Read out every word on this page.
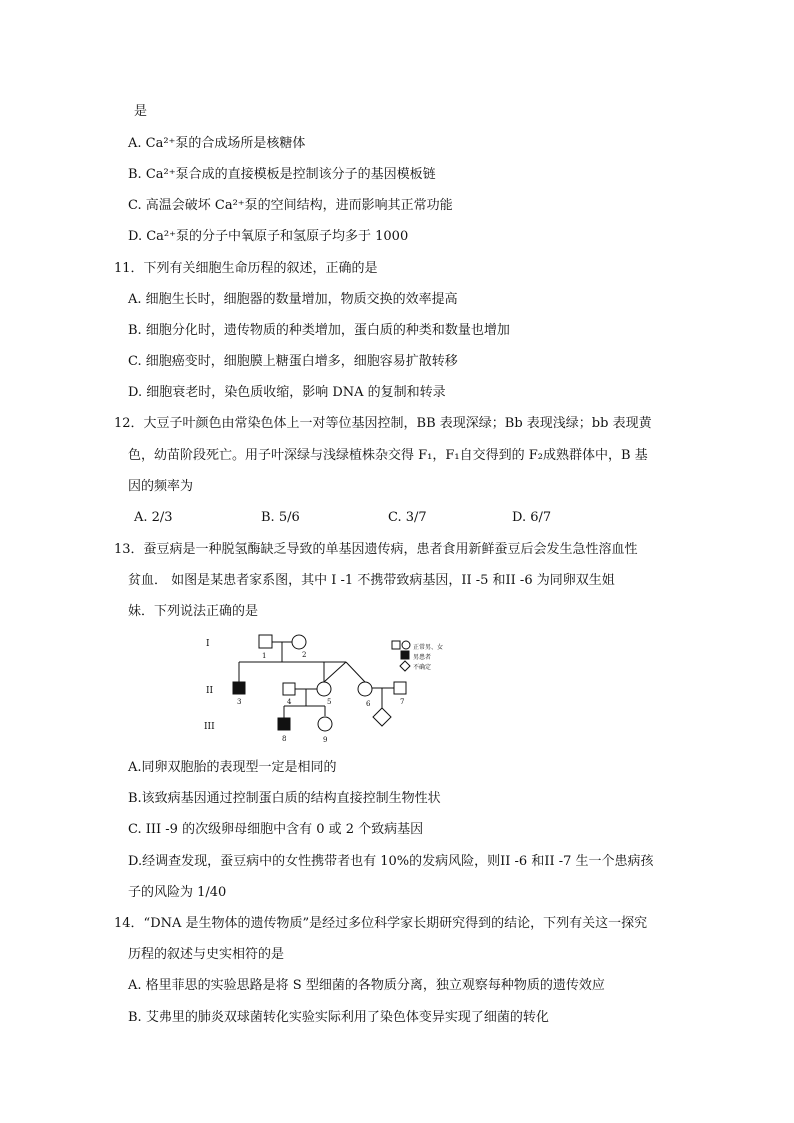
是
A. Ca²⁺泵的合成场所是核糖体
B. Ca²⁺泵合成的直接模板是控制该分子的基因模板链
C. 高温会破坏 Ca²⁺泵的空间结构，进而影响其正常功能
D. Ca²⁺泵的分子中氧原子和氢原子均多于 1000
11．下列有关细胞生命历程的叙述，正确的是
A. 细胞生长时，细胞器的数量增加，物质交换的效率提高
B. 细胞分化时，遗传物质的种类增加，蛋白质的种类和数量也增加
C. 细胞癌变时，细胞膜上糖蛋白增多，细胞容易扩散转移
D. 细胞衰老时，染色质收缩，影响 DNA 的复制和转录
12．大豆子叶颜色由常染色体上一对等位基因控制，BB 表现深绿；Bb 表现浅绿；bb 表现黄
色，幼苗阶段死亡。用子叶深绿与浅绿植株杂交得 F₁，F₁自交得到的 F₂成熟群体中，B 基
因的频率为
A. 2/3	B. 5/6	C. 3/7	D. 6/7
13．蚕豆病是一种脱氢酶缺乏导致的单基因遗传病，患者食用新鲜蚕豆后会发生急性溶血性
贫血． 如图是某患者家系图，其中 I -1 不携带致病基因，II -5 和II -6 为同卵双生姐
妹．下列说法正确的是
I
II
III
1	2
3	4	5	6	7
8	9
正常男、女
男患者
不确定
A.同卵双胞胎的表现型一定是相同的
B.该致病基因通过控制蛋白质的结构直接控制生物性状
C. III -9 的次级卵母细胞中含有 0 或 2 个致病基因
D.经调查发现，蚕豆病中的女性携带者也有 10%的发病风险，则II -6 和II -7 生一个患病孩
子的风险为 1/40
14．“DNA 是生物体的遗传物质”是经过多位科学家长期研究得到的结论，下列有关这一探究
历程的叙述与史实相符的是
A. 格里菲思的实验思路是将 S 型细菌的各物质分离，独立观察每种物质的遗传效应
B. 艾弗里的肺炎双球菌转化实验实际利用了染色体变异实现了细菌的转化
